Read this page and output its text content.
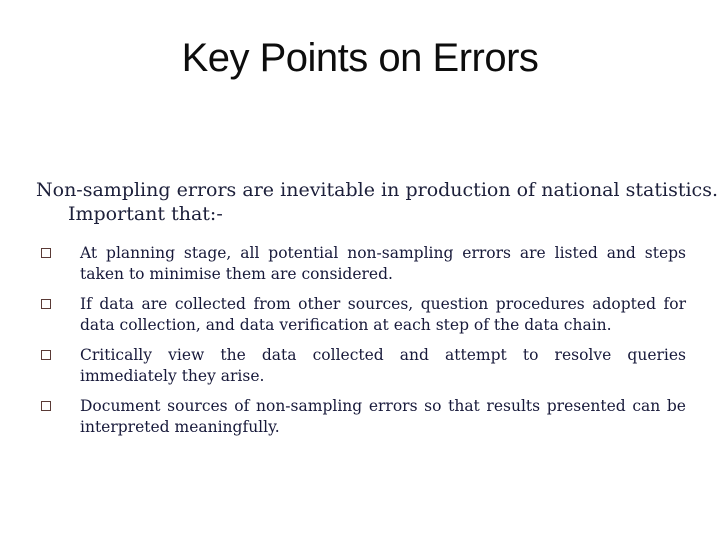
Key Points on Errors
Non-sampling errors are inevitable in production of national statistics. Important that:-
At planning stage, all potential non-sampling errors are listed and steps taken to minimise them are considered.
If data are collected from other sources, question procedures adopted for data collection, and data verification at each step of the data chain.
Critically view the data collected and attempt to resolve queries immediately they arise.
Document sources of non-sampling errors so that results presented can be interpreted meaningfully.
